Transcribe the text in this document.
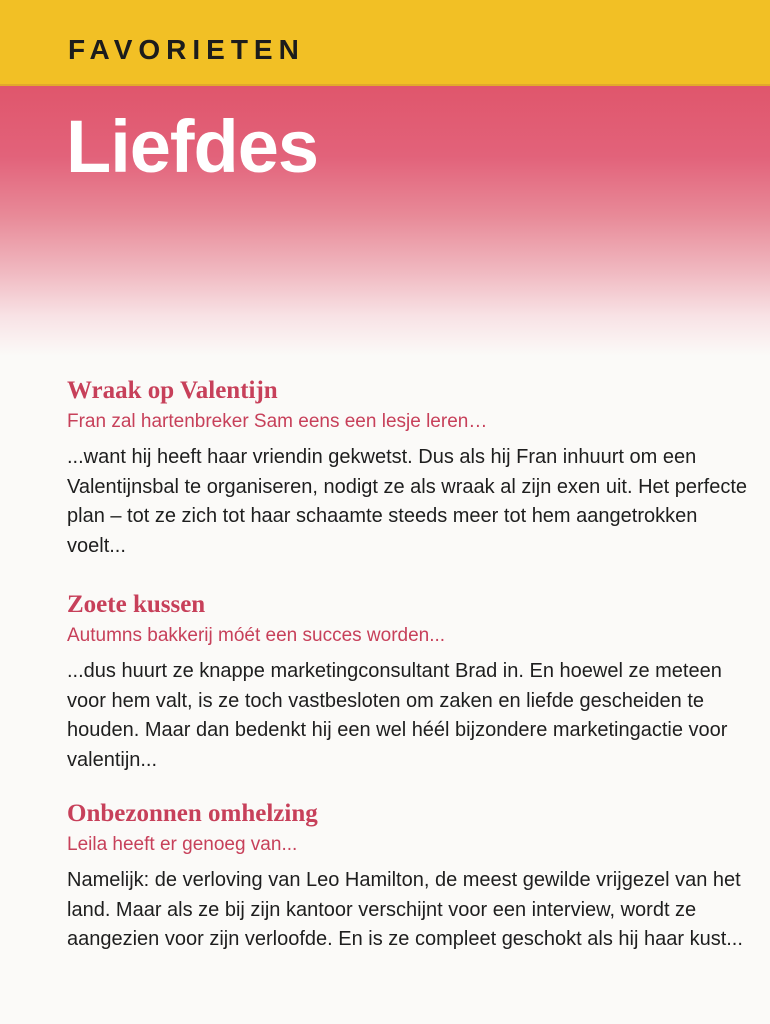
FAVORIETEN
Liefdes
Wraak op Valentijn

Fran zal hartenbreker Sam eens een lesje leren…

...want hij heeft haar vriendin gekwetst. Dus als hij Fran inhuurt om een Valentijnsbal te organiseren, nodigt ze als wraak al zijn exen uit. Het perfecte plan – tot ze zich tot haar schaamte steeds meer tot hem aangetrokken voelt...

Zoete kussen

Autumns bakkerij móét een succes worden...

...dus huurt ze knappe marketingconsultant Brad in. En hoewel ze meteen voor hem valt, is ze toch vastbesloten om zaken en liefde gescheiden te houden. Maar dan bedenkt hij een wel héél bijzondere marketingactie voor valentijn...

Onbezonnen omhelzing

Leila heeft er genoeg van...

Namelijk: de verloving van Leo Hamilton, de meest gewilde vrijgezel van het land. Maar als ze bij zijn kantoor verschijnt voor een interview, wordt ze aangezien voor zijn verloofde. En is ze compleet geschokt als hij haar kust...
